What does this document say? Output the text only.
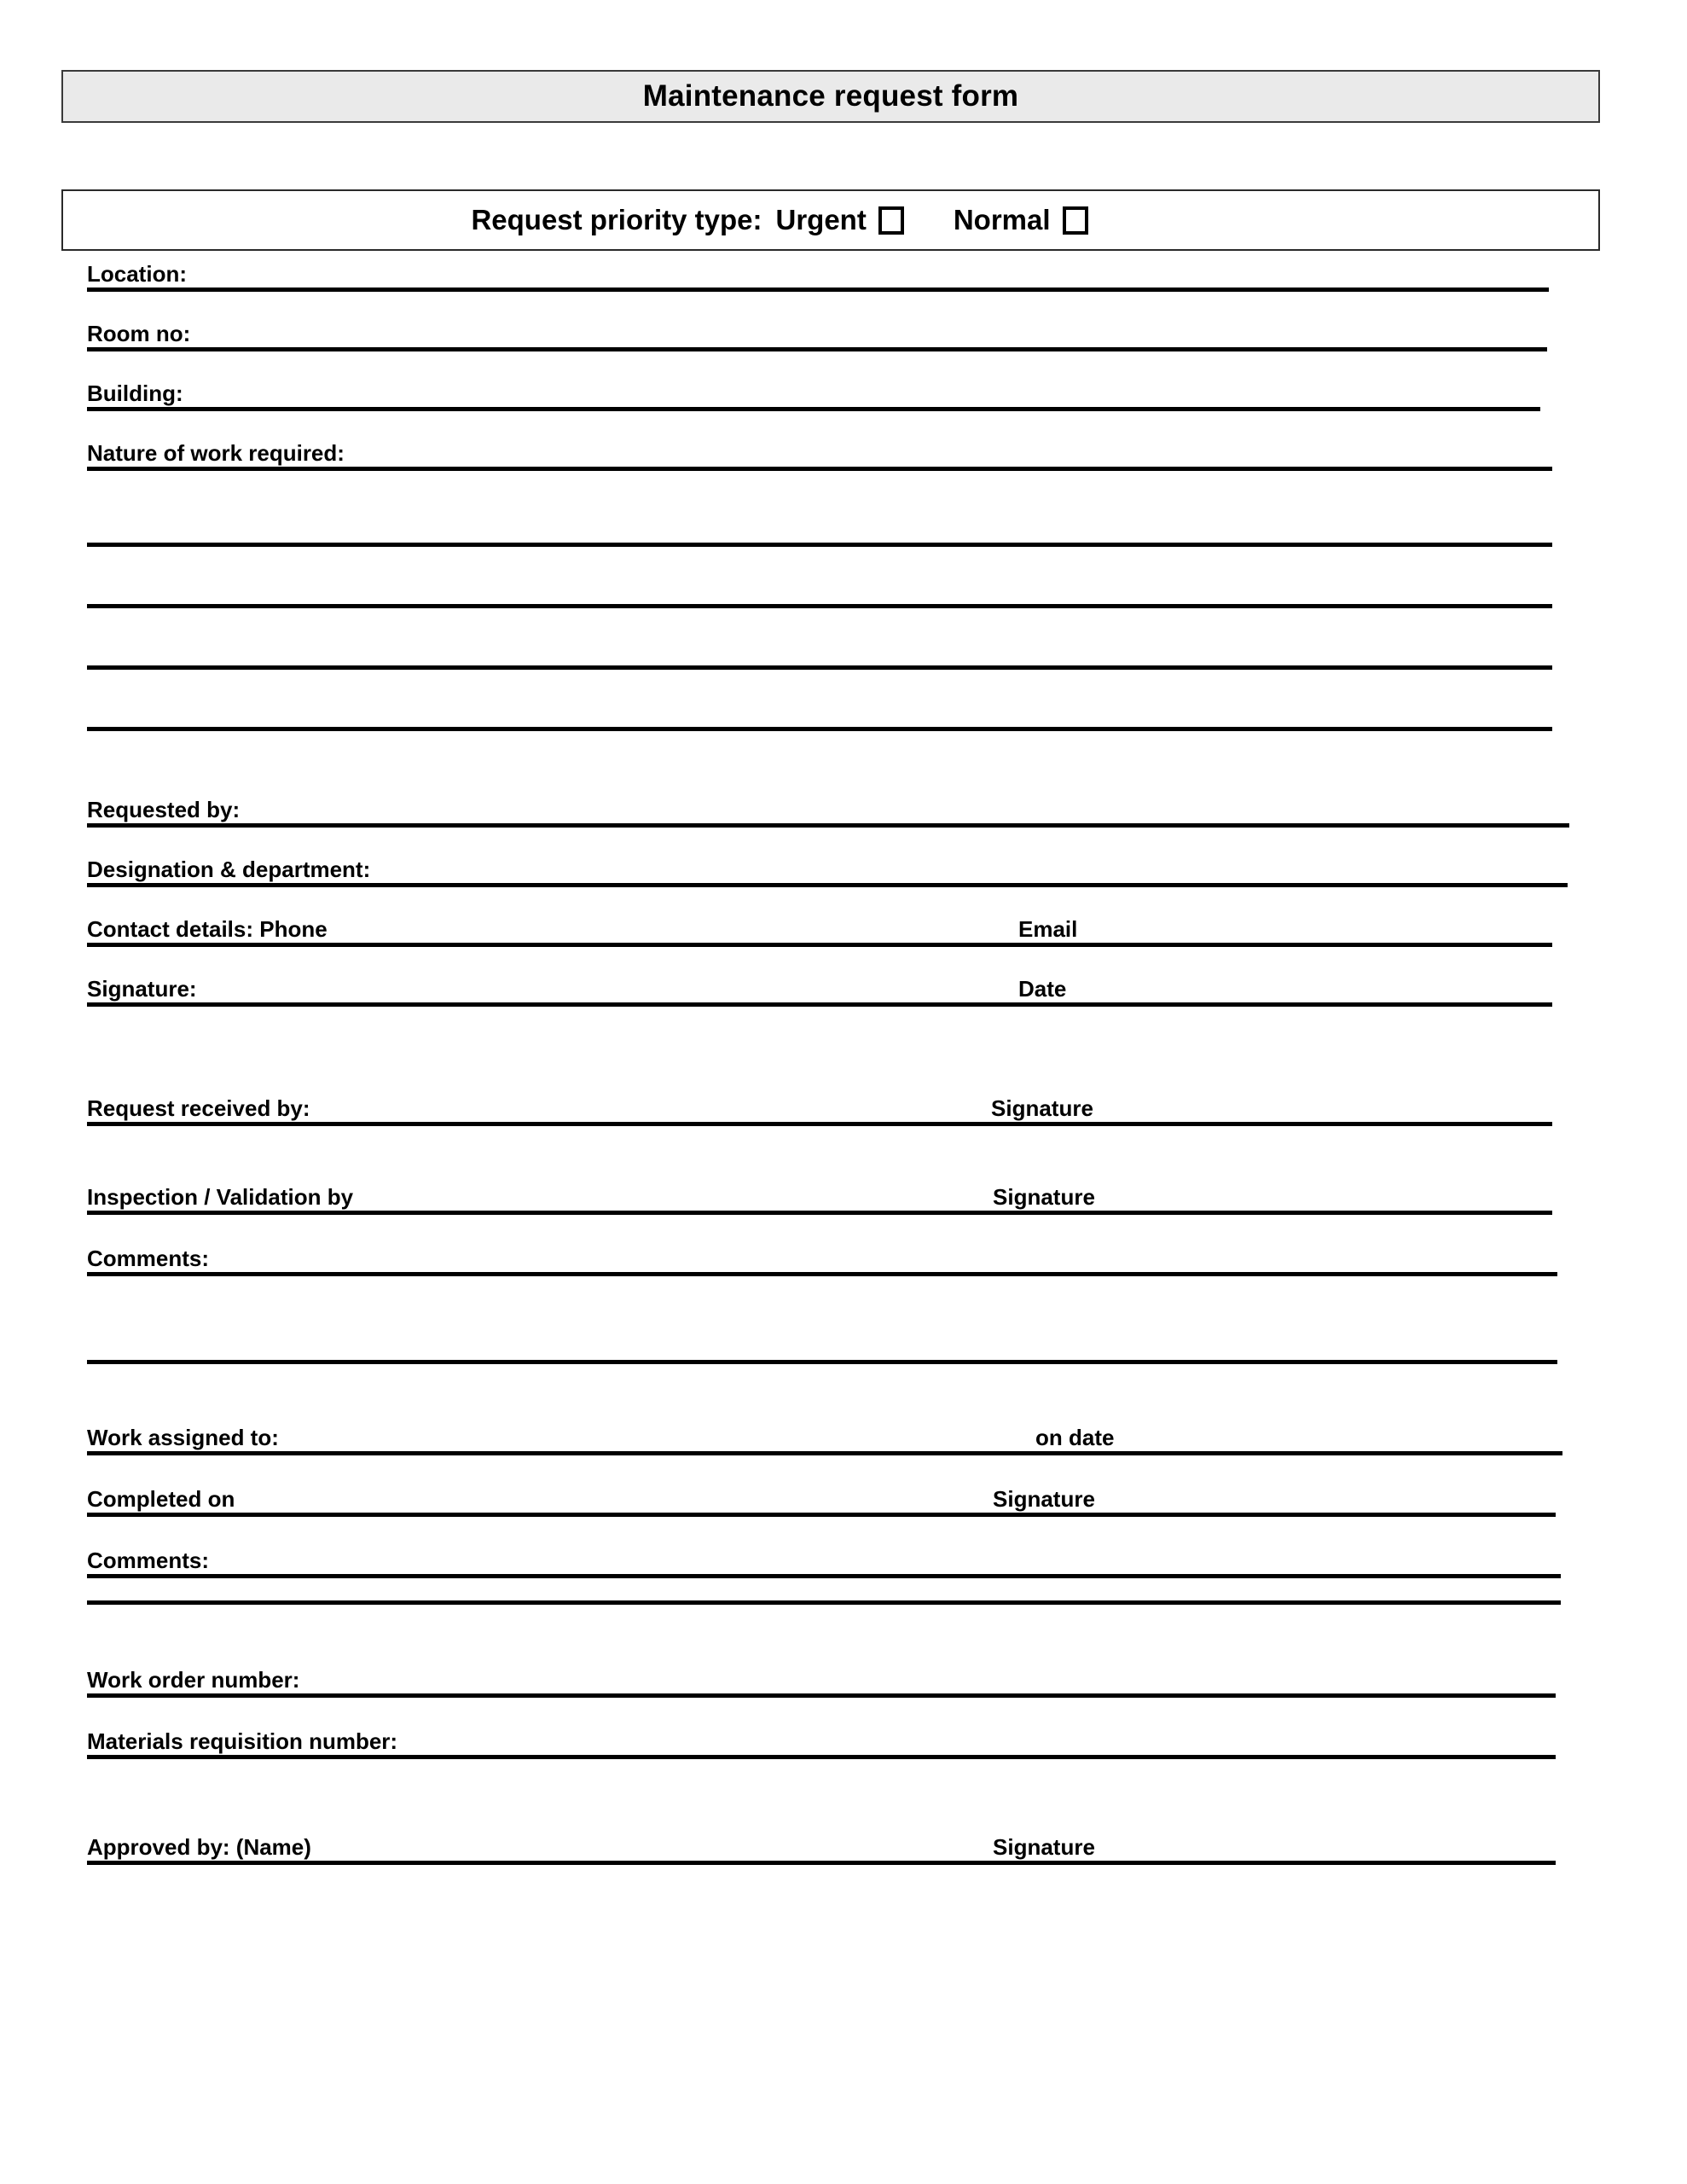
Maintenance request form
Request priority type: Urgent	Normal
Location:
Room no:
Building:
Nature of work required:
Requested by:
Designation & department:
Contact details: Phone	Email
Signature:	Date
Request received by:	Signature
Inspection / Validation by	Signature
Comments:
Work assigned to:	on date
Completed on	Signature
Comments:
Work order number:
Materials requisition number:
Approved by: (Name)	Signature
